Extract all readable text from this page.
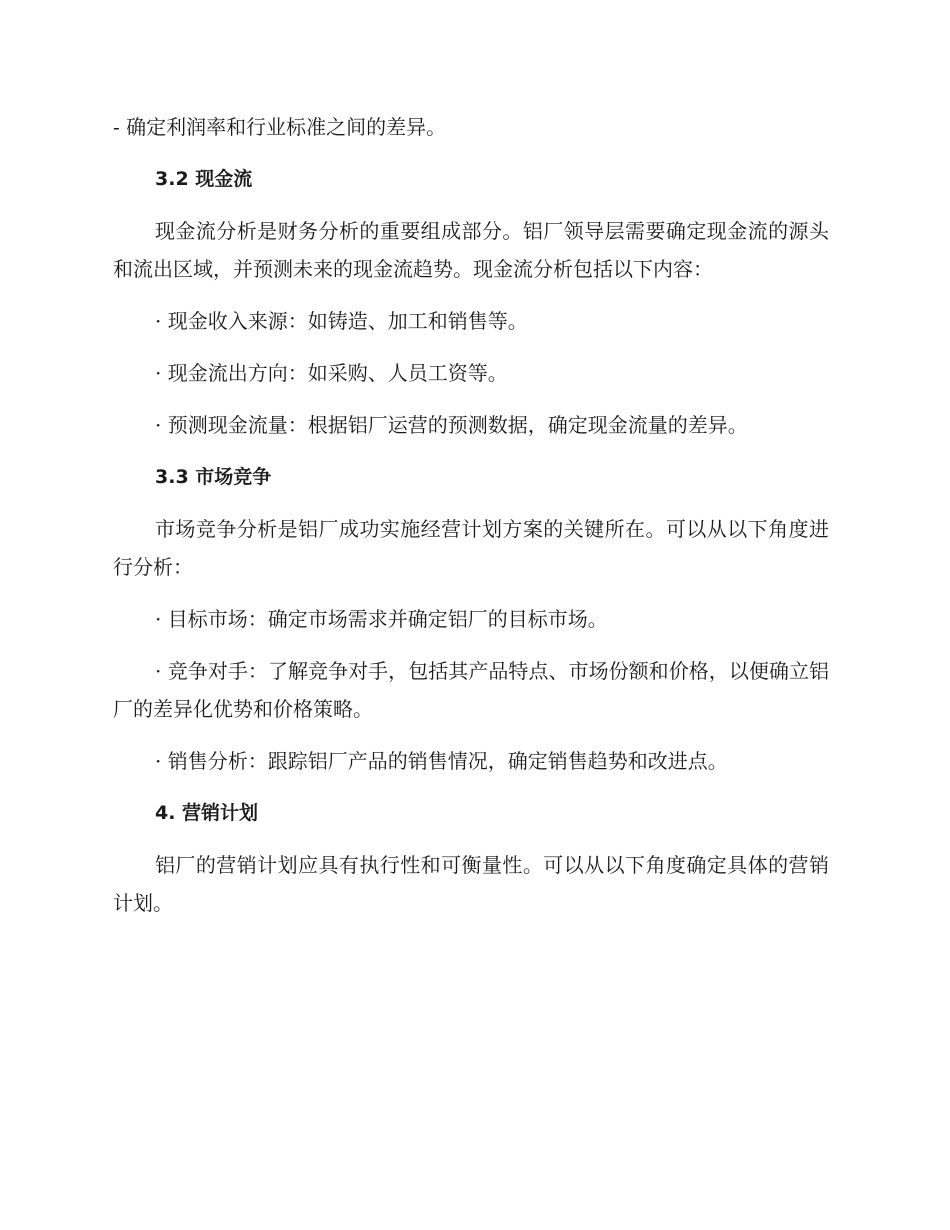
- 确定利润率和行业标准之间的差异。

3.2 现金流

现金流分析是财务分析的重要组成部分。铝厂领导层需要确定现金流的源头和流出区域，并预测未来的现金流趋势。现金流分析包括以下内容：

· 现金收入来源：如铸造、加工和销售等。

· 现金流出方向：如采购、人员工资等。

· 预测现金流量：根据铝厂运营的预测数据，确定现金流量的差异。

3.3 市场竞争

市场竞争分析是铝厂成功实施经营计划方案的关键所在。可以从以下角度进行分析：

· 目标市场：确定市场需求并确定铝厂的目标市场。

· 竞争对手：了解竞争对手，包括其产品特点、市场份额和价格，以便确立铝厂的差异化优势和价格策略。

· 销售分析：跟踪铝厂产品的销售情况，确定销售趋势和改进点。

4. 营销计划

铝厂的营销计划应具有执行性和可衡量性。可以从以下角度确定具体的营销计划。
